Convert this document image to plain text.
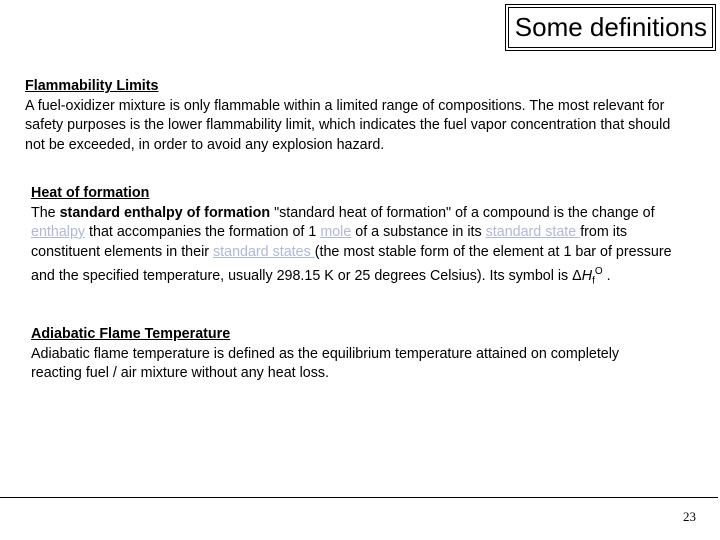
Some definitions
Flammability Limits
A fuel-oxidizer mixture is only flammable within a limited range of compositions. The most relevant for safety purposes is the lower flammability limit, which indicates the fuel vapor concentration that should not be exceeded, in order to avoid any explosion hazard.
Heat of formation
The standard enthalpy of formation "standard heat of formation" of a compound is the change of enthalpy that accompanies the formation of 1 mole of a substance in its standard state from its constituent elements in their standard states (the most stable form of the element at 1 bar of pressure and the specified temperature, usually 298.15 K or 25 degrees Celsius). Its symbol is $\Delta H_f^O$ .
Adiabatic Flame Temperature
Adiabatic flame temperature is defined as the equilibrium temperature attained on completely reacting fuel / air mixture without any heat loss.
23
